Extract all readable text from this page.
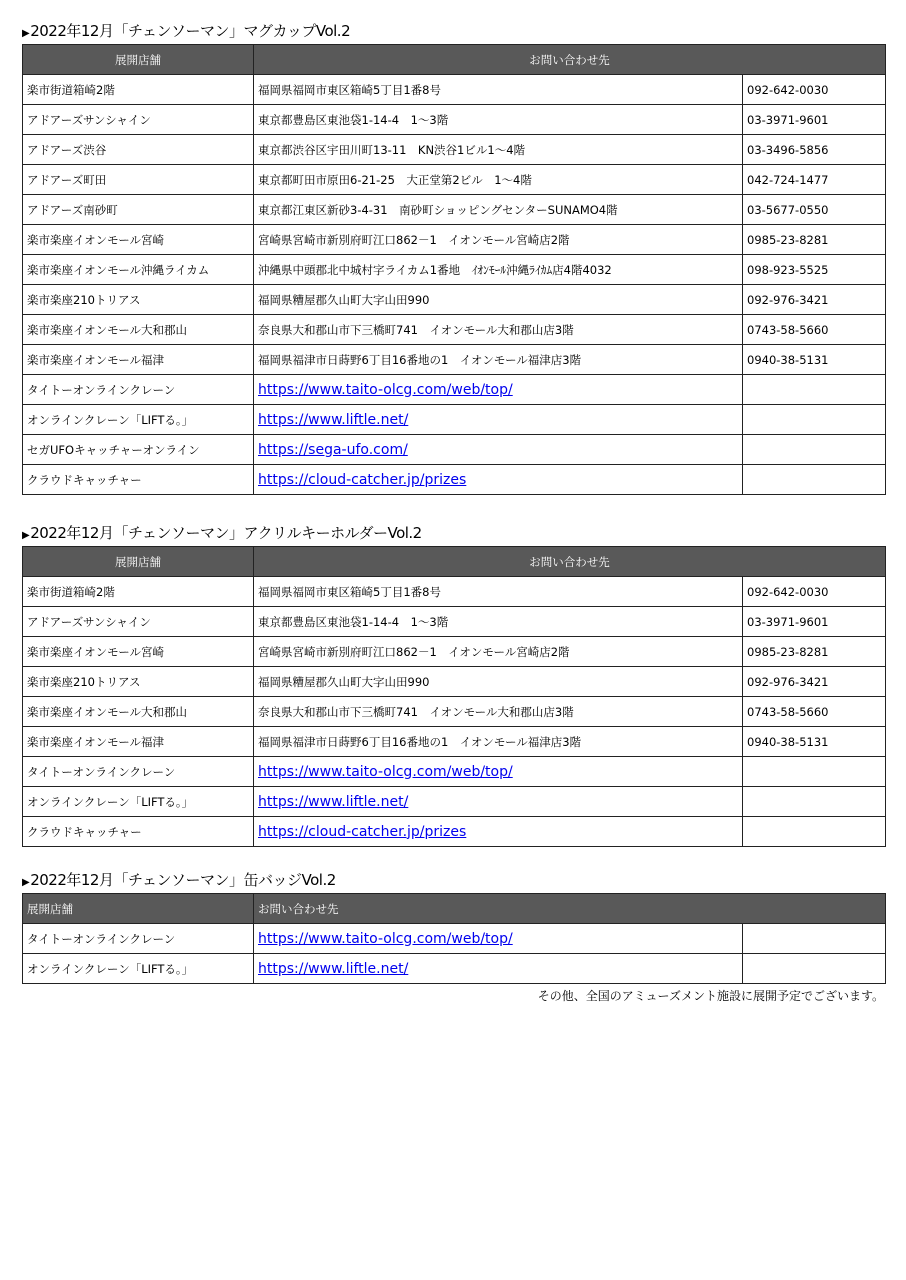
▶2022年12月「チェンソーマン」マグカップVol.2
展開店舗	お問い合わせ先	
楽市街道箱崎2階	福岡県福岡市東区箱崎5丁目1番8号	092-642-0030
アドアーズサンシャイン	東京都豊島区東池袋1-14-4　1～3階	03-3971-9601
アドアーズ渋谷	東京都渋谷区宇田川町13-11　KN渋谷1ビル1～4階	03-3496-5856
アドアーズ町田	東京都町田市原田6-21-25　大正堂第2ビル　1～4階	042-724-1477
アドアーズ南砂町	東京都江東区新砂3-4-31　南砂町ショッピングセンターSUNAMO4階	03-5677-0550
楽市楽座イオンモール宮崎	宮崎県宮崎市新別府町江口862－1　イオンモール宮崎店2階	0985-23-8281
楽市楽座イオンモール沖縄ライカム	沖縄県中頭郡北中城村字ライカム1番地　ｲｵﾝﾓｰﾙ沖縄ﾗｲｶﾑ店4階4032	098-923-5525
楽市楽座210トリアス	福岡県糟屋郡久山町大字山田990	092-976-3421
楽市楽座イオンモール大和郡山	奈良県大和郡山市下三橋町741　イオンモール大和郡山店3階	0743-58-5660
楽市楽座イオンモール福津	福岡県福津市日蒔野6丁目16番地の1　イオンモール福津店3階	0940-38-5131
タイトーオンラインクレーン	https://www.taito-olcg.com/web/top/	
オンラインクレーン「LIFTる。」	https://www.liftle.net/	
セガUFOキャッチャーオンライン	https://sega-ufo.com/	
クラウドキャッチャー	https://cloud-catcher.jp/prizes	
▶2022年12月「チェンソーマン」アクリルキーホルダーVol.2
展開店舗	お問い合わせ先	
楽市街道箱崎2階	福岡県福岡市東区箱崎5丁目1番8号	092-642-0030
アドアーズサンシャイン	東京都豊島区東池袋1-14-4　1～3階	03-3971-9601
楽市楽座イオンモール宮崎	宮崎県宮崎市新別府町江口862－1　イオンモール宮崎店2階	0985-23-8281
楽市楽座210トリアス	福岡県糟屋郡久山町大字山田990	092-976-3421
楽市楽座イオンモール大和郡山	奈良県大和郡山市下三橋町741　イオンモール大和郡山店3階	0743-58-5660
楽市楽座イオンモール福津	福岡県福津市日蒔野6丁目16番地の1　イオンモール福津店3階	0940-38-5131
タイトーオンラインクレーン	https://www.taito-olcg.com/web/top/	
オンラインクレーン「LIFTる。」	https://www.liftle.net/	
クラウドキャッチャー	https://cloud-catcher.jp/prizes	
▶2022年12月「チェンソーマン」缶バッジVol.2
展開店舗	お問い合わせ先	
タイトーオンラインクレーン	https://www.taito-olcg.com/web/top/	
オンラインクレーン「LIFTる。」	https://www.liftle.net/	
その他、全国のアミューズメント施設に展開予定でございます。
